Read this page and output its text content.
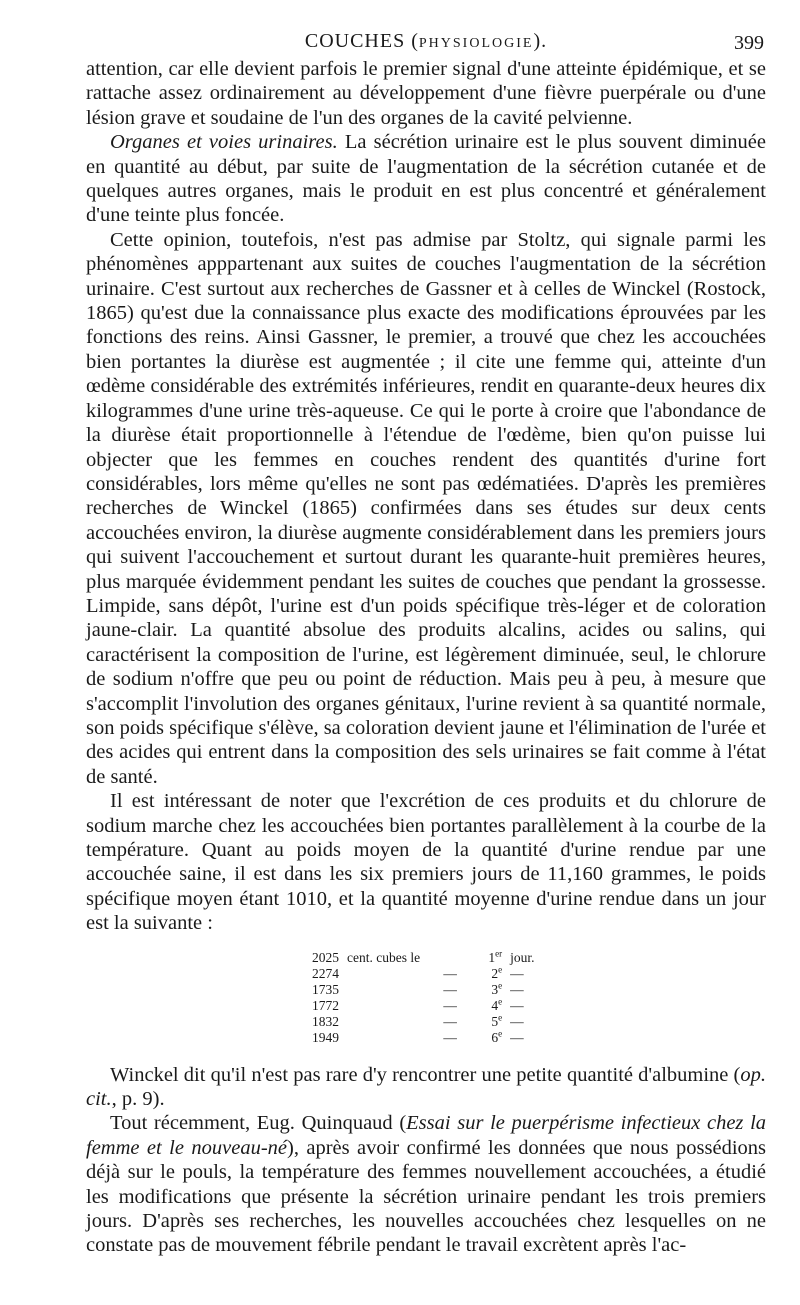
COUCHES (PHYSIOLOGIE).	399

attention, car elle devient parfois le premier signal d'une atteinte épidémique, et se rattache assez ordinairement au développement d'une fièvre puerpérale ou d'une lésion grave et soudaine de l'un des organes de la cavité pelvienne.

Organes et voies urinaires. La sécrétion urinaire est le plus souvent diminuée en quantité au début, par suite de l'augmentation de la sécrétion cutanée et de quelques autres organes, mais le produit en est plus concentré et généralement d'une teinte plus foncée.

Cette opinion, toutefois, n'est pas admise par Stoltz, qui signale parmi les phénomènes apppartenant aux suites de couches l'augmentation de la sécrétion urinaire. C'est surtout aux recherches de Gassner et à celles de Winckel (Rostock, 1865) qu'est due la connaissance plus exacte des modifications éprouvées par les fonctions des reins. Ainsi Gassner, le premier, a trouvé que chez les accouchées bien portantes la diurèse est augmentée ; il cite une femme qui, atteinte d'un œdème considérable des extrémités inférieures, rendit en quarante-deux heures dix kilogrammes d'une urine très-aqueuse. Ce qui le porte à croire que l'abondance de la diurèse était proportionnelle à l'étendue de l'œdème, bien qu'on puisse lui objecter que les femmes en couches rendent des quantités d'urine fort considérables, lors même qu'elles ne sont pas œdématiées. D'après les premières recherches de Winckel (1865) confirmées dans ses études sur deux cents accouchées environ, la diurèse augmente considérablement dans les premiers jours qui suivent l'accouchement et surtout durant les quarante-huit premières heures, plus marquée évidemment pendant les suites de couches que pendant la grossesse. Limpide, sans dépôt, l'urine est d'un poids spécifique très-léger et de coloration jaune-clair. La quantité absolue des produits alcalins, acides ou salins, qui caractérisent la composition de l'urine, est légèrement diminuée, seul, le chlorure de sodium n'offre que peu ou point de réduction. Mais peu à peu, à mesure que s'accomplit l'involution des organes génitaux, l'urine revient à sa quantité normale, son poids spécifique s'élève, sa coloration devient jaune et l'élimination de l'urée et des acides qui entrent dans la composition des sels urinaires se fait comme à l'état de santé.

Il est intéressant de noter que l'excrétion de ces produits et du chlorure de sodium marche chez les accouchées bien portantes parallèlement à la courbe de la température. Quant au poids moyen de la quantité d'urine rendue par une accouchée saine, il est dans les six premiers jours de 11,160 grammes, le poids spécifique moyen étant 1010, et la quantité moyenne d'urine rendue dans un jour est la suivante :

2025	cent. cubes le		1er	jour.
2274		—	2e	—
1735		—	3e	—
1772		—	4e	—
1832		—	5e	—
1949		—	6e	—

Winckel dit qu'il n'est pas rare d'y rencontrer une petite quantité d'albumine (op. cit., p. 9).

Tout récemment, Eug. Quinquaud (Essai sur le puerpérisme infectieux chez la femme et le nouveau-né), après avoir confirmé les données que nous possédions déjà sur le pouls, la température des femmes nouvellement accouchées, a étudié les modifications que présente la sécrétion urinaire pendant les trois premiers jours. D'après ses recherches, les nouvelles accouchées chez lesquelles on ne constate pas de mouvement fébrile pendant le travail excrètent après l'ac-
